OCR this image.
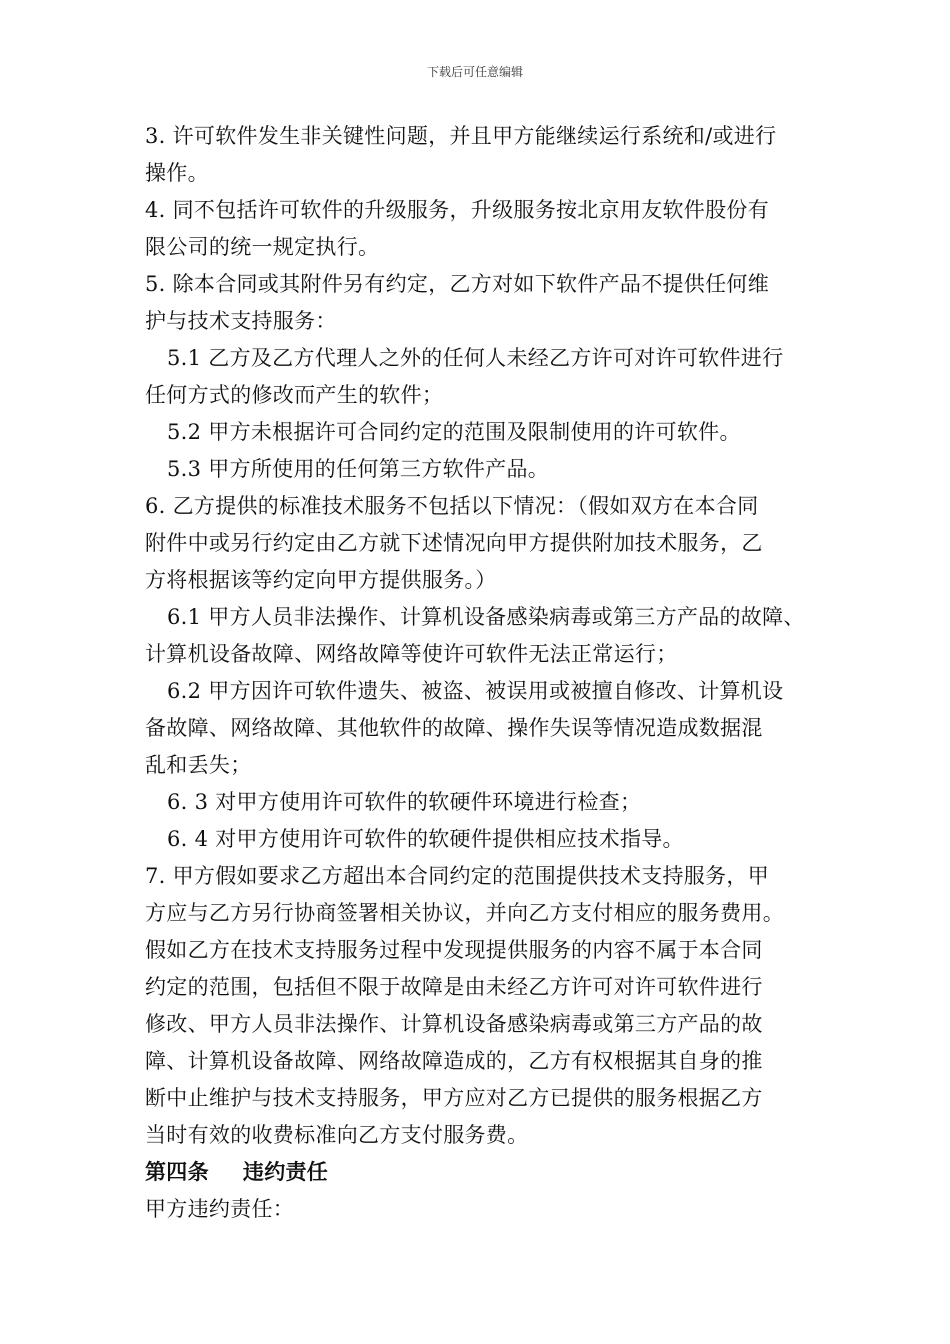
下载后可任意编辑
3. 许可软件发生非关键性问题，并且甲方能继续运行系统和/或进行
操作。
4. 同不包括许可软件的升级服务，升级服务按北京用友软件股份有
限公司的统一规定执行。
5. 除本合同或其附件另有约定，乙方对如下软件产品不提供任何维
护与技术支持服务：
5.1 乙方及乙方代理人之外的任何人未经乙方许可对许可软件进行
任何方式的修改而产生的软件；
5.2 甲方未根据许可合同约定的范围及限制使用的许可软件。
5.3 甲方所使用的任何第三方软件产品。
6. 乙方提供的标准技术服务不包括以下情况：（假如双方在本合同
附件中或另行约定由乙方就下述情况向甲方提供附加技术服务，乙
方将根据该等约定向甲方提供服务。）
6.1 甲方人员非法操作、计算机设备感染病毒或第三方产品的故障、
计算机设备故障、网络故障等使许可软件无法正常运行；
6.2 甲方因许可软件遗失、被盗、被误用或被擅自修改、计算机设
备故障、网络故障、其他软件的故障、操作失误等情况造成数据混
乱和丢失；
6. 3 对甲方使用许可软件的软硬件环境进行检查；
6. 4 对甲方使用许可软件的软硬件提供相应技术指导。
7. 甲方假如要求乙方超出本合同约定的范围提供技术支持服务，甲
方应与乙方另行协商签署相关协议，并向乙方支付相应的服务费用。
假如乙方在技术支持服务过程中发现提供服务的内容不属于本合同
约定的范围，包括但不限于故障是由未经乙方许可对许可软件进行
修改、甲方人员非法操作、计算机设备感染病毒或第三方产品的故
障、计算机设备故障、网络故障造成的，乙方有权根据其自身的推
断中止维护与技术支持服务，甲方应对乙方已提供的服务根据乙方
当时有效的收费标准向乙方支付服务费。
第四条 违约责任
甲方违约责任：
